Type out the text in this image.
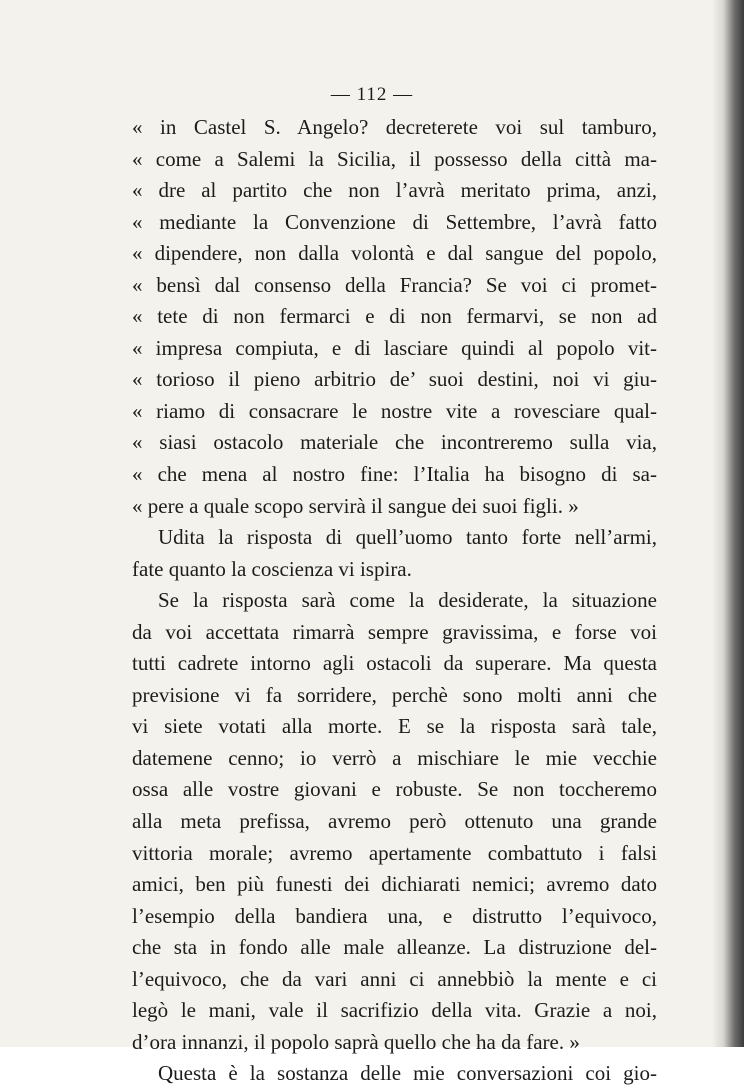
— 112 —
« in Castel S. Angelo? decreterete voi sul tamburo,
« come a Salemi la Sicilia, il possesso della città ma-
« dre al partito che non l’avrà meritato prima, anzi,
« mediante la Convenzione di Settembre, l’avrà fatto
« dipendere, non dalla volontà e dal sangue del popolo,
« bensì dal consenso della Francia? Se voi ci promet-
« tete di non fermarci e di non fermarvi, se non ad
« impresa compiuta, e di lasciare quindi al popolo vit-
« torioso il pieno arbitrio de’ suoi destini, noi vi giu-
« riamo di consacrare le nostre vite a rovesciare qual-
« siasi ostacolo materiale che incontreremo sulla via,
« che mena al nostro fine: l’Italia ha bisogno di sa-
« pere a quale scopo servirà il sangue dei suoi figli. »
Udita la risposta di quell’uomo tanto forte nell’armi,
fate quanto la coscienza vi ispira.
Se la risposta sarà come la desiderate, la situazione
da voi accettata rimarrà sempre gravissima, e forse voi
tutti cadrete intorno agli ostacoli da superare. Ma questa
previsione vi fa sorridere, perchè sono molti anni che
vi siete votati alla morte. E se la risposta sarà tale,
datemene cenno; io verrò a mischiare le mie vecchie
ossa alle vostre giovani e robuste. Se non toccheremo
alla meta prefissa, avremo però ottenuto una grande
vittoria morale; avremo apertamente combattuto i falsi
amici, ben più funesti dei dichiarati nemici; avremo dato
l’esempio della bandiera una, e distrutto l’equivoco,
che sta in fondo alle male alleanze. La distruzione del-
l’equivoco, che da vari anni ci annebbiò la mente e ci
legò le mani, vale il sacrifizio della vita. Grazie a noi,
d’ora innanzi, il popolo saprà quello che ha da fare. »
Questa è la sostanza delle mie conversazioni coi gio-
